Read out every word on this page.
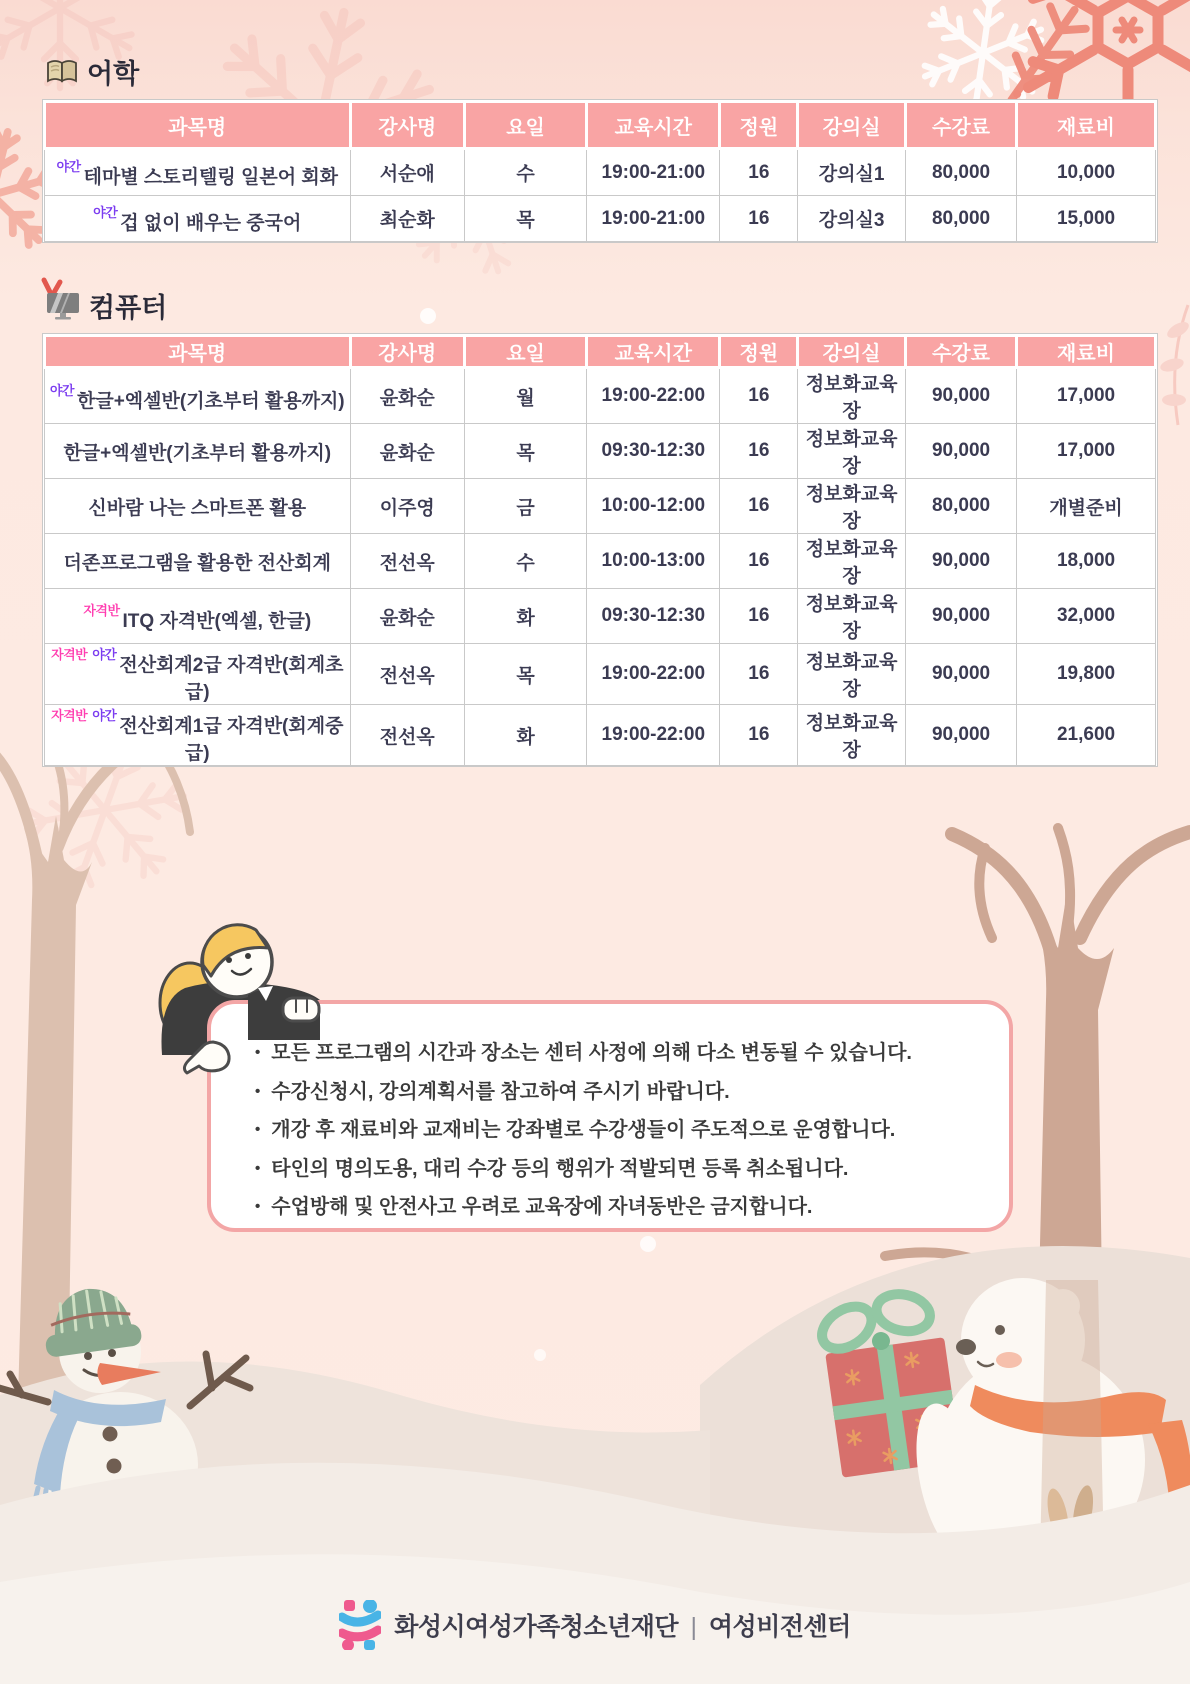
어학
과목명	강사명	요일	교육시간	정원	강의실	수강료	재료비
$^{야간}$테마별 스토리텔링 일본어 회화	서순애	수	19:00-21:00	16	강의실1	80,000	10,000
$^{야간}$겁 없이 배우는 중국어	최순화	목	19:00-21:00	16	강의실3	80,000	15,000
컴퓨터
과목명	강사명	요일	교육시간	정원	강의실	수강료	재료비
$^{야간}$한글+엑셀반(기초부터 활용까지)	윤화순	월	19:00-22:00	16	정보화교육장	90,000	17,000
한글+엑셀반(기초부터 활용까지)	윤화순	목	09:30-12:30	16	정보화교육장	90,000	17,000
신바람 나는 스마트폰 활용	이주영	금	10:00-12:00	16	정보화교육장	80,000	개별준비
더존프로그램을 활용한 전산회계	전선옥	수	10:00-13:00	16	정보화교육장	90,000	18,000
$^{자격반}$ITQ 자격반(엑셀, 한글)	윤화순	화	09:30-12:30	16	정보화교육장	90,000	32,000
$^{자격반}$ $^{야간}$전산회계2급 자격반(회계초급)	전선옥	목	19:00-22:00	16	정보화교육장	90,000	19,800
$^{자격반}$ $^{야간}$전산회계1급 자격반(회계중급)	전선옥	화	19:00-22:00	16	정보화교육장	90,000	21,600
• 모든 프로그램의 시간과 장소는 센터 사정에 의해 다소 변동될 수 있습니다.
• 수강신청시, 강의계획서를 참고하여 주시기 바랍니다.
• 개강 후 재료비와 교재비는 강좌별로 수강생들이 주도적으로 운영합니다.
• 타인의 명의도용, 대리 수강 등의 행위가 적발되면 등록 취소됩니다.
• 수업방해 및 안전사고 우려로 교육장에 자녀동반은 금지합니다.
화성시여성가족청소년재단 | 여성비전센터
